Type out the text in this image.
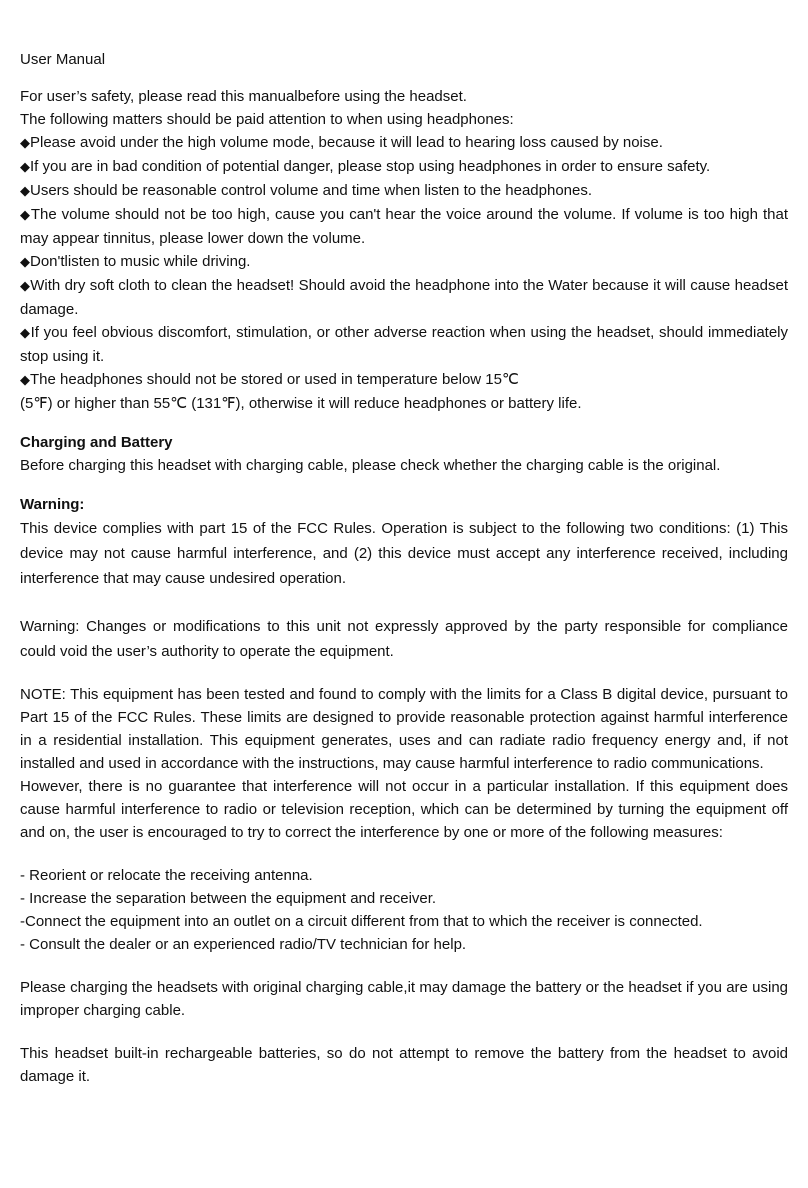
User Manual

For user’s safety, please read this manualbefore using the headset.

The following matters should be paid attention to when using headphones:

◆Please avoid under the high volume mode, because it will lead to hearing loss caused by noise.

◆If you are in bad condition of potential danger, please stop using headphones in order to ensure safety.

◆Users should be reasonable control volume and time when listen to the headphones.

◆The volume should not be too high, cause you can't hear the voice around the volume. If volume is too high that may appear tinnitus, please lower down the volume.

◆Don'tlisten to music while driving.

◆With dry soft cloth to clean the headset! Should avoid the headphone into the Water because it will cause headset damage.

◆If you feel obvious discomfort, stimulation, or other adverse reaction when using the headset, should immediately stop using it.

◆The headphones should not be stored or used in temperature below 15℃

(5℉) or higher than 55℃ (131℉), otherwise it will reduce headphones or battery life.

Charging and Battery

Before charging this headset with charging cable, please check whether the charging cable is the original.

Warning:

This device complies with part 15 of the FCC Rules. Operation is subject to the following two conditions: (1) This device may not cause harmful interference, and (2) this device must accept any interference received, including interference that may cause undesired operation.

Warning: Changes or modifications to this unit not expressly approved by the party responsible for compliance could void the user’s authority to operate the equipment.

NOTE: This equipment has been tested and found to comply with the limits for a Class B digital device, pursuant to Part 15 of the FCC Rules. These limits are designed to provide reasonable protection against harmful interference in a residential installation. This equipment generates, uses and can radiate radio frequency energy and, if not installed and used in accordance with the instructions, may cause harmful interference to radio communications.

However, there is no guarantee that interference will not occur in a particular installation. If this equipment does cause harmful interference to radio or television reception, which can be determined by turning the equipment off and on, the user is encouraged to try to correct the interference by one or more of the following measures:

- Reorient or relocate the receiving antenna.

- Increase the separation between the equipment and receiver.

-Connect the equipment into an outlet on a circuit different from that to which the receiver is connected.

- Consult the dealer or an experienced radio/TV technician for help.

Please charging the headsets with original charging cable,it may damage the battery or the headset if you are using improper charging cable.

This headset built-in rechargeable batteries, so do not attempt to remove the battery from the headset to avoid damage it.
